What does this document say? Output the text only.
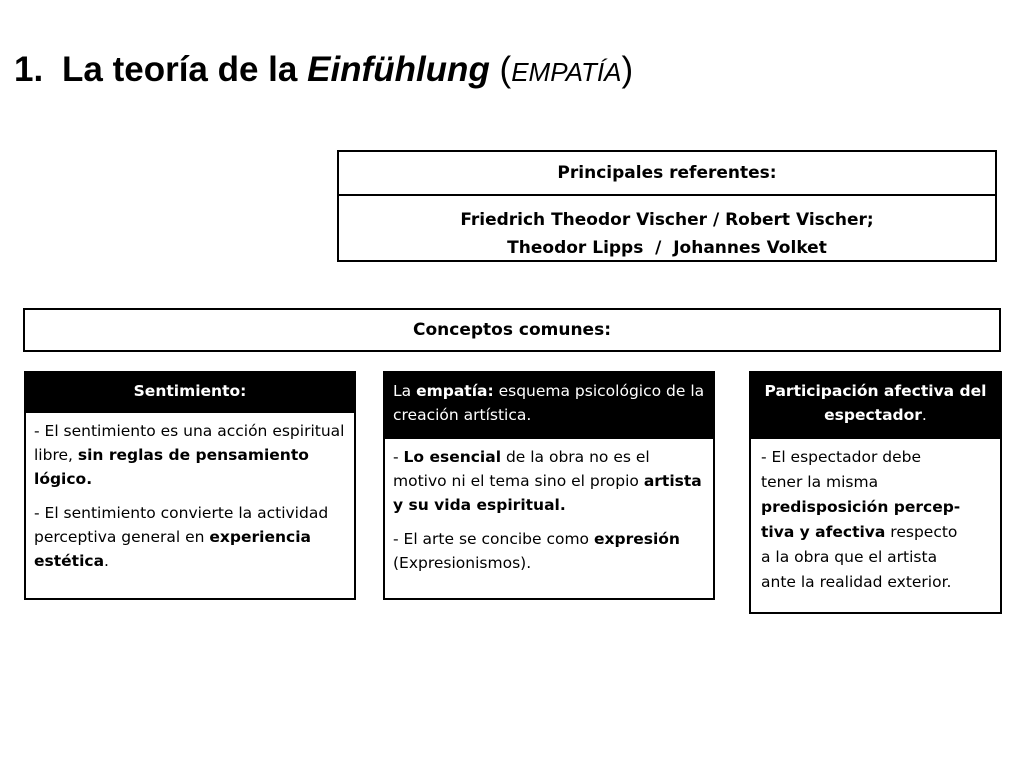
1. La teoría de la Einfühlung (EMPATÍA)
Principales referentes:
Friedrich Theodor Vischer / Robert Vischer;
Theodor Lipps  /  Johannes Volket
Conceptos comunes:
Sentimiento:

- El sentimiento es una acción espiritual libre, sin reglas de pensamiento lógico.

- El sentimiento convierte la actividad perceptiva general en experiencia estética.

La empatía: esquema psicológico de la creación artística.

- Lo esencial de la obra no es el motivo ni el tema sino el propio artista y su vida espiritual.

- El arte se concibe como expresión (Expresionismos).

Participación afectiva del espectador.

- El espectador debe

tener la misma

predisposición percep-

tiva y afectiva respecto

a la obra que el artista

ante la realidad exterior.
